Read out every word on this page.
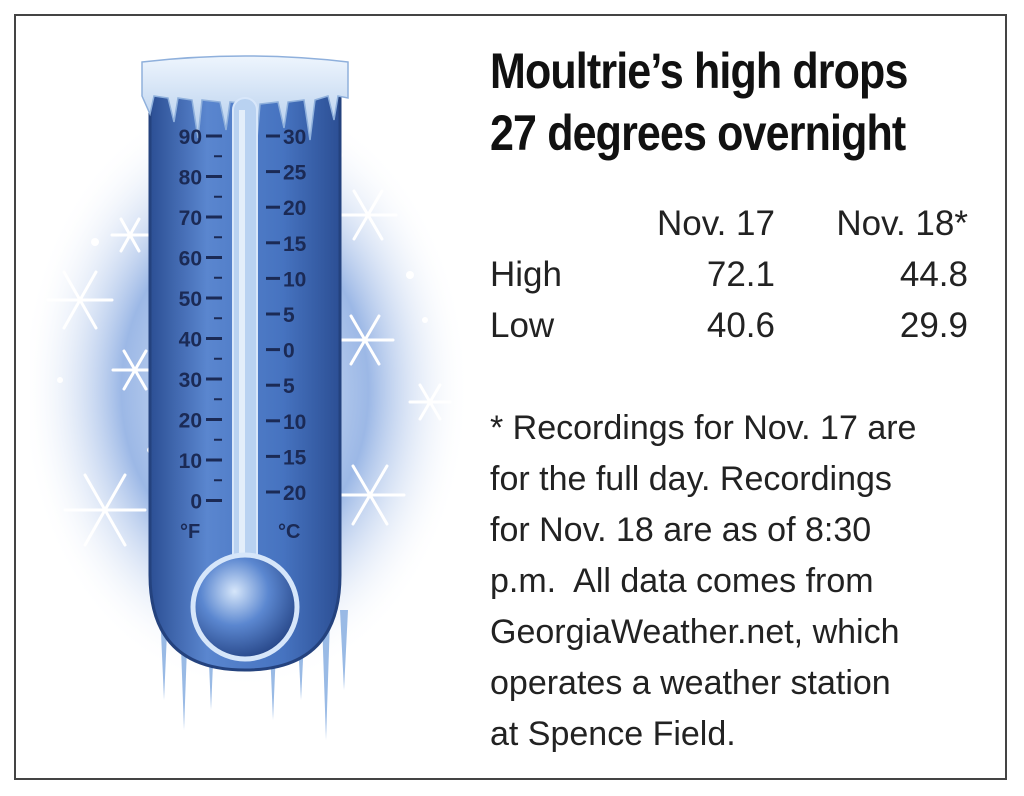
90
80
70
60
50
40
30
20
10
0
30
25
20
15
10
5
0
5
10
15
20
°F	°C
Moultrie’s high drops
27 degrees overnight
	Nov. 17	Nov. 18*
High	72.1	44.8
Low	40.6	29.9

* Recordings for Nov. 17 are
for the full day. Recordings
for Nov. 18 are as of 8:30
p.m.  All data comes from
GeorgiaWeather.net, which
operates a weather station
at Spence Field.
